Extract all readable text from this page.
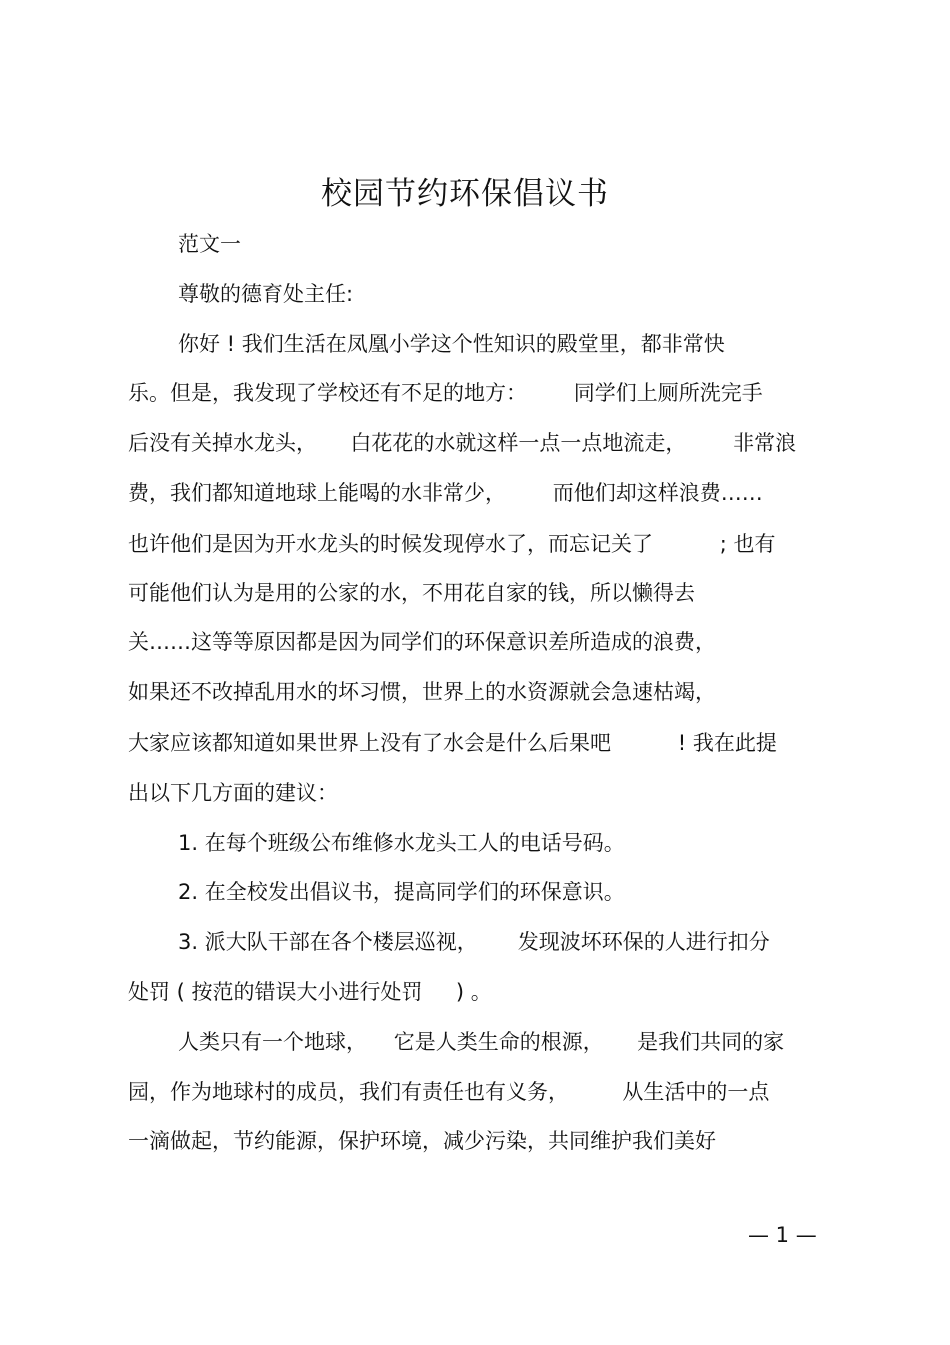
校园节约环保倡议书
范文一
尊敬的德育处主任:
你好 ! 我们生活在凤凰小学这个性知识的殿堂里，都非常快
乐。但是，我发现了学校还有不足的地方：       同学们上厕所洗完手
后没有关掉水龙头，     白花花的水就这样一点一点地流走，       非常浪
费，我们都知道地球上能喝的水非常少，       而他们却这样浪费……
也许他们是因为开水龙头的时候发现停水了，而忘记关了          ; 也有
可能他们认为是用的公家的水，不用花自家的钱，所以懒得去
关……这等等原因都是因为同学们的环保意识差所造成的浪费，
如果还不改掉乱用水的坏习惯，世界上的水资源就会急速枯竭，
大家应该都知道如果世界上没有了水会是什么后果吧          ! 我在此提
出以下几方面的建议：
1. 在每个班级公布维修水龙头工人的电话号码。
2. 在全校发出倡议书，提高同学们的环保意识。
3. 派大队干部在各个楼层巡视，      发现波坏环保的人进行扣分
处罚 ( 按范的错误大小进行处罚     ) 。
人类只有一个地球，    它是人类生命的根源，     是我们共同的家
园，作为地球村的成员，我们有责任也有义务，        从生活中的一点
一滴做起，节约能源，保护环境，减少污染，共同维护我们美好
— 1 —
